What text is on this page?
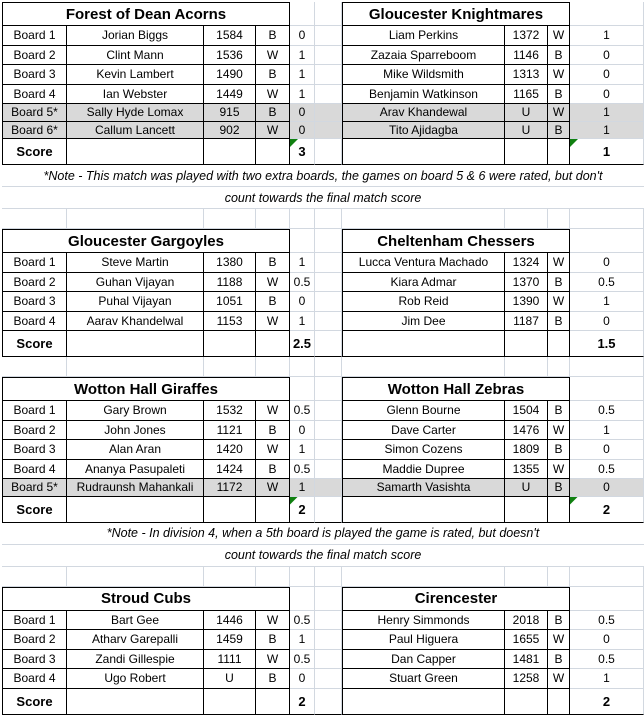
Forest of Dean Acorns	Gloucester Knightmares
Board 1	Jorian Biggs	1584	B	0	Liam Perkins	1372	W	1
Board 2	Clint Mann	1536	W	1	Zazaia Sparreboom	1146	B	0
Board 3	Kevin Lambert	1490	B	1	Mike Wildsmith	1313	W	0
Board 4	Ian Webster	1449	W	1	Benjamin Watkinson	1165	B	0
Board 5*	Sally Hyde Lomax	915	B	0	Arav Khandewal	U	W	1
Board 6*	Callum Lancett	902	W	0	Tito Ajidagba	U	B	1
Score	3	1
*Note - This match was played with two extra boards, the games on board 5 & 6 were rated, but don't
count towards the final match score
Gloucester Gargoyles	Cheltenham Chessers
Board 1	Steve Martin	1380	B	1	Lucca Ventura Machado	1324	W	0
Board 2	Guhan Vijayan	1188	W	0.5	Kiara Admar	1370	B	0.5
Board 3	Puhal Vijayan	1051	B	0	Rob Reid	1390	W	1
Board 4	Aarav Khandelwal	1153	W	1	Jim Dee	1187	B	0
Score	2.5	1.5
Wotton Hall Giraffes	Wotton Hall Zebras
Board 1	Gary Brown	1532	W	0.5	Glenn Bourne	1504	B	0.5
Board 2	John Jones	1121	B	0	Dave Carter	1476	W	1
Board 3	Alan Aran	1420	W	1	Simon Cozens	1809	B	0
Board 4	Ananya Pasupaleti	1424	B	0.5	Maddie Dupree	1355	W	0.5
Board 5*	Rudraunsh Mahankali	1172	W	1	Samarth Vasishta	U	B	0
Score	2	2
*Note - In division 4, when a 5th board is played the game is rated, but doesn't
count towards the final match score
Stroud Cubs	Cirencester
Board 1	Bart Gee	1446	W	0.5	Henry Simmonds	2018	B	0.5
Board 2	Atharv Garepalli	1459	B	1	Paul Higuera	1655	W	0
Board 3	Zandi Gillespie	1111	W	0.5	Dan Capper	1481	B	0.5
Board 4	Ugo Robert	U	B	0	Stuart Green	1258	W	1
Score	2	2
